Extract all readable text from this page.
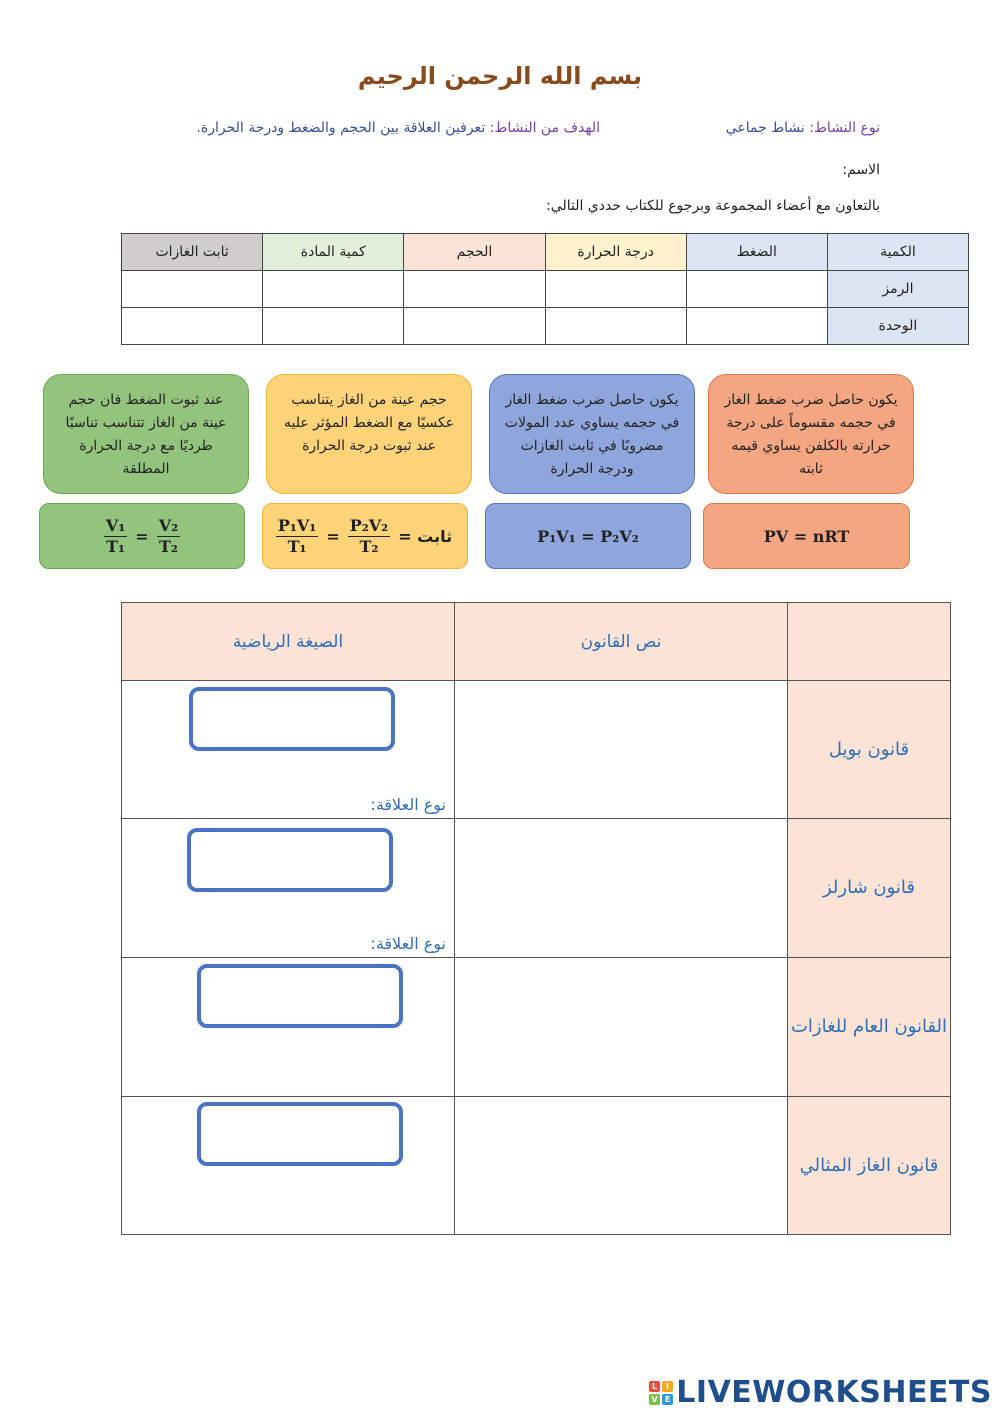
بسم الله الرحمن الرحيم
نوع النشاط: نشاط جماعي
الهدف من النشاط: تعرفين العلاقة بين الحجم والضغط ودرجة الحرارة.
الاسم:
بالتعاون مع أعضاء المجموعة وبرجوع للكتاب حددي التالي:
الكمية	الضغط	درجة الحرارة	الحجم	كمية المادة	ثابت الغازات
الرمز					
الوحدة					
يكون حاصل ضرب ضغط الغاز في حجمه مقسوماً على درجة حرارته بالكلفن يساوي قيمه ثابته
يكون حاصل ضرب ضغط الغاز في حجمه يساوي عدد المولات مضروبًا في ثابت الغازات ودرجة الحرارة
حجم عينة من الغاز يتناسب عكسيًا مع الضغط المؤثر عليه عند ثبوت درجة الحرارة
عند ثبوت الضغط فان حجم عينة من الغاز تتناسب تناسبًا طرديًا مع درجة الحرارة المطلقة
PV = nRT
P₁V₁ = P₂V₂
$\frac{\text{P₁V₁}}{\text{T₁}} = \frac{\text{P₂V₂}}{\text{T₂}}$ = ثابت
$\frac{\text{V₁}}{\text{T₁}} = \frac{\text{V₂}}{\text{T₂}}$
	نص القانون	الصيغة الرياضية
قانون بويل		نوع العلاقة:

قانون شارلز		نوع العلاقة:

القانون العام للغازات		

قانون الغاز المثالي		
L	I
V E LIVEWORKSHEETS
